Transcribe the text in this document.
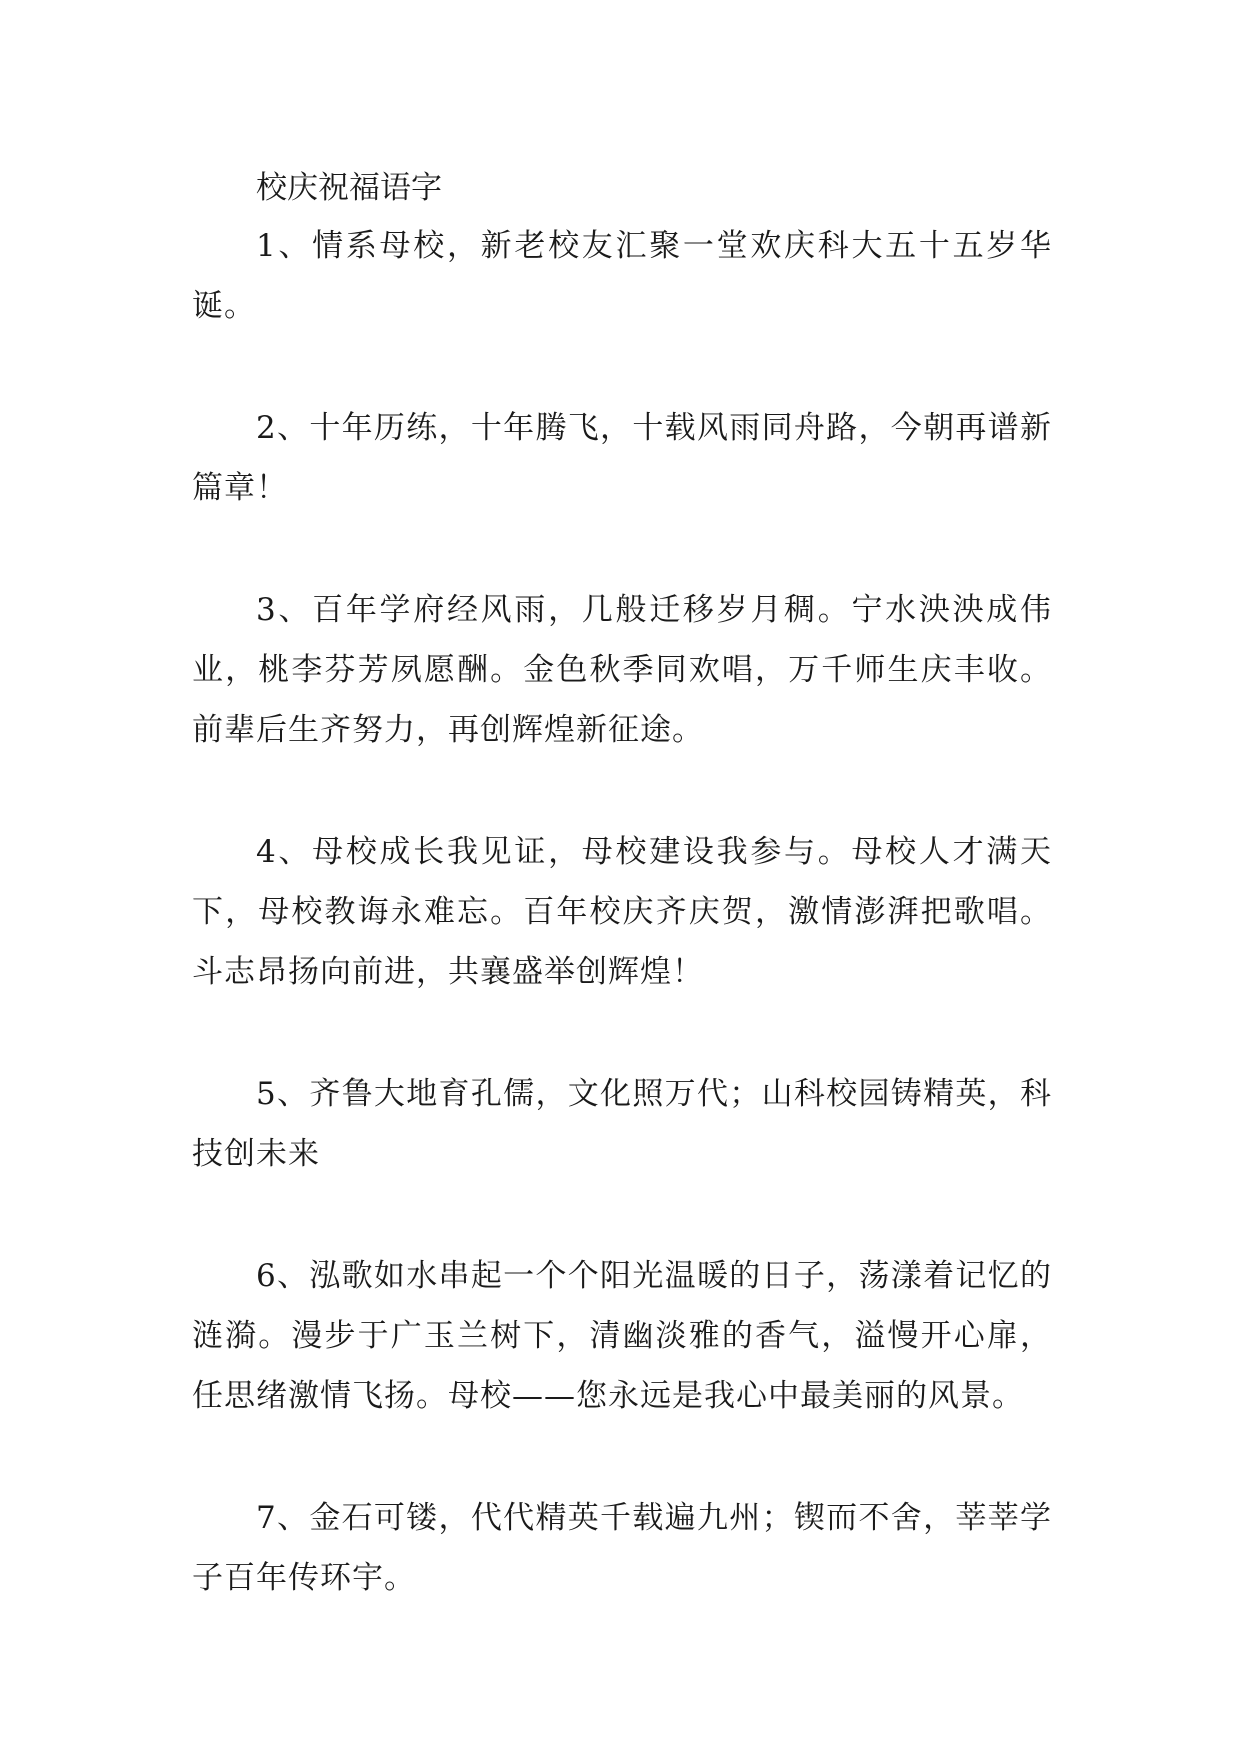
校庆祝福语字

1、情系母校，新老校友汇聚一堂欢庆科大五十五岁华诞。

2、十年历练，十年腾飞，十载风雨同舟路，今朝再谱新篇章！

3、百年学府经风雨，几般迁移岁月稠。宁水泱泱成伟业，桃李芬芳夙愿酬。金色秋季同欢唱，万千师生庆丰收。前辈后生齐努力，再创辉煌新征途。

4、母校成长我见证，母校建设我参与。母校人才满天下，母校教诲永难忘。百年校庆齐庆贺，激情澎湃把歌唱。斗志昂扬向前进，共襄盛举创辉煌！

5、齐鲁大地育孔儒，文化照万代；山科校园铸精英，科技创未来

6、泓歌如水串起一个个阳光温暖的日子，荡漾着记忆的涟漪。漫步于广玉兰树下，清幽淡雅的香气，溢慢开心扉，任思绪激情飞扬。母校——您永远是我心中最美丽的风景。

7、金石可镂，代代精英千载遍九州；锲而不舍，莘莘学子百年传环宇。
